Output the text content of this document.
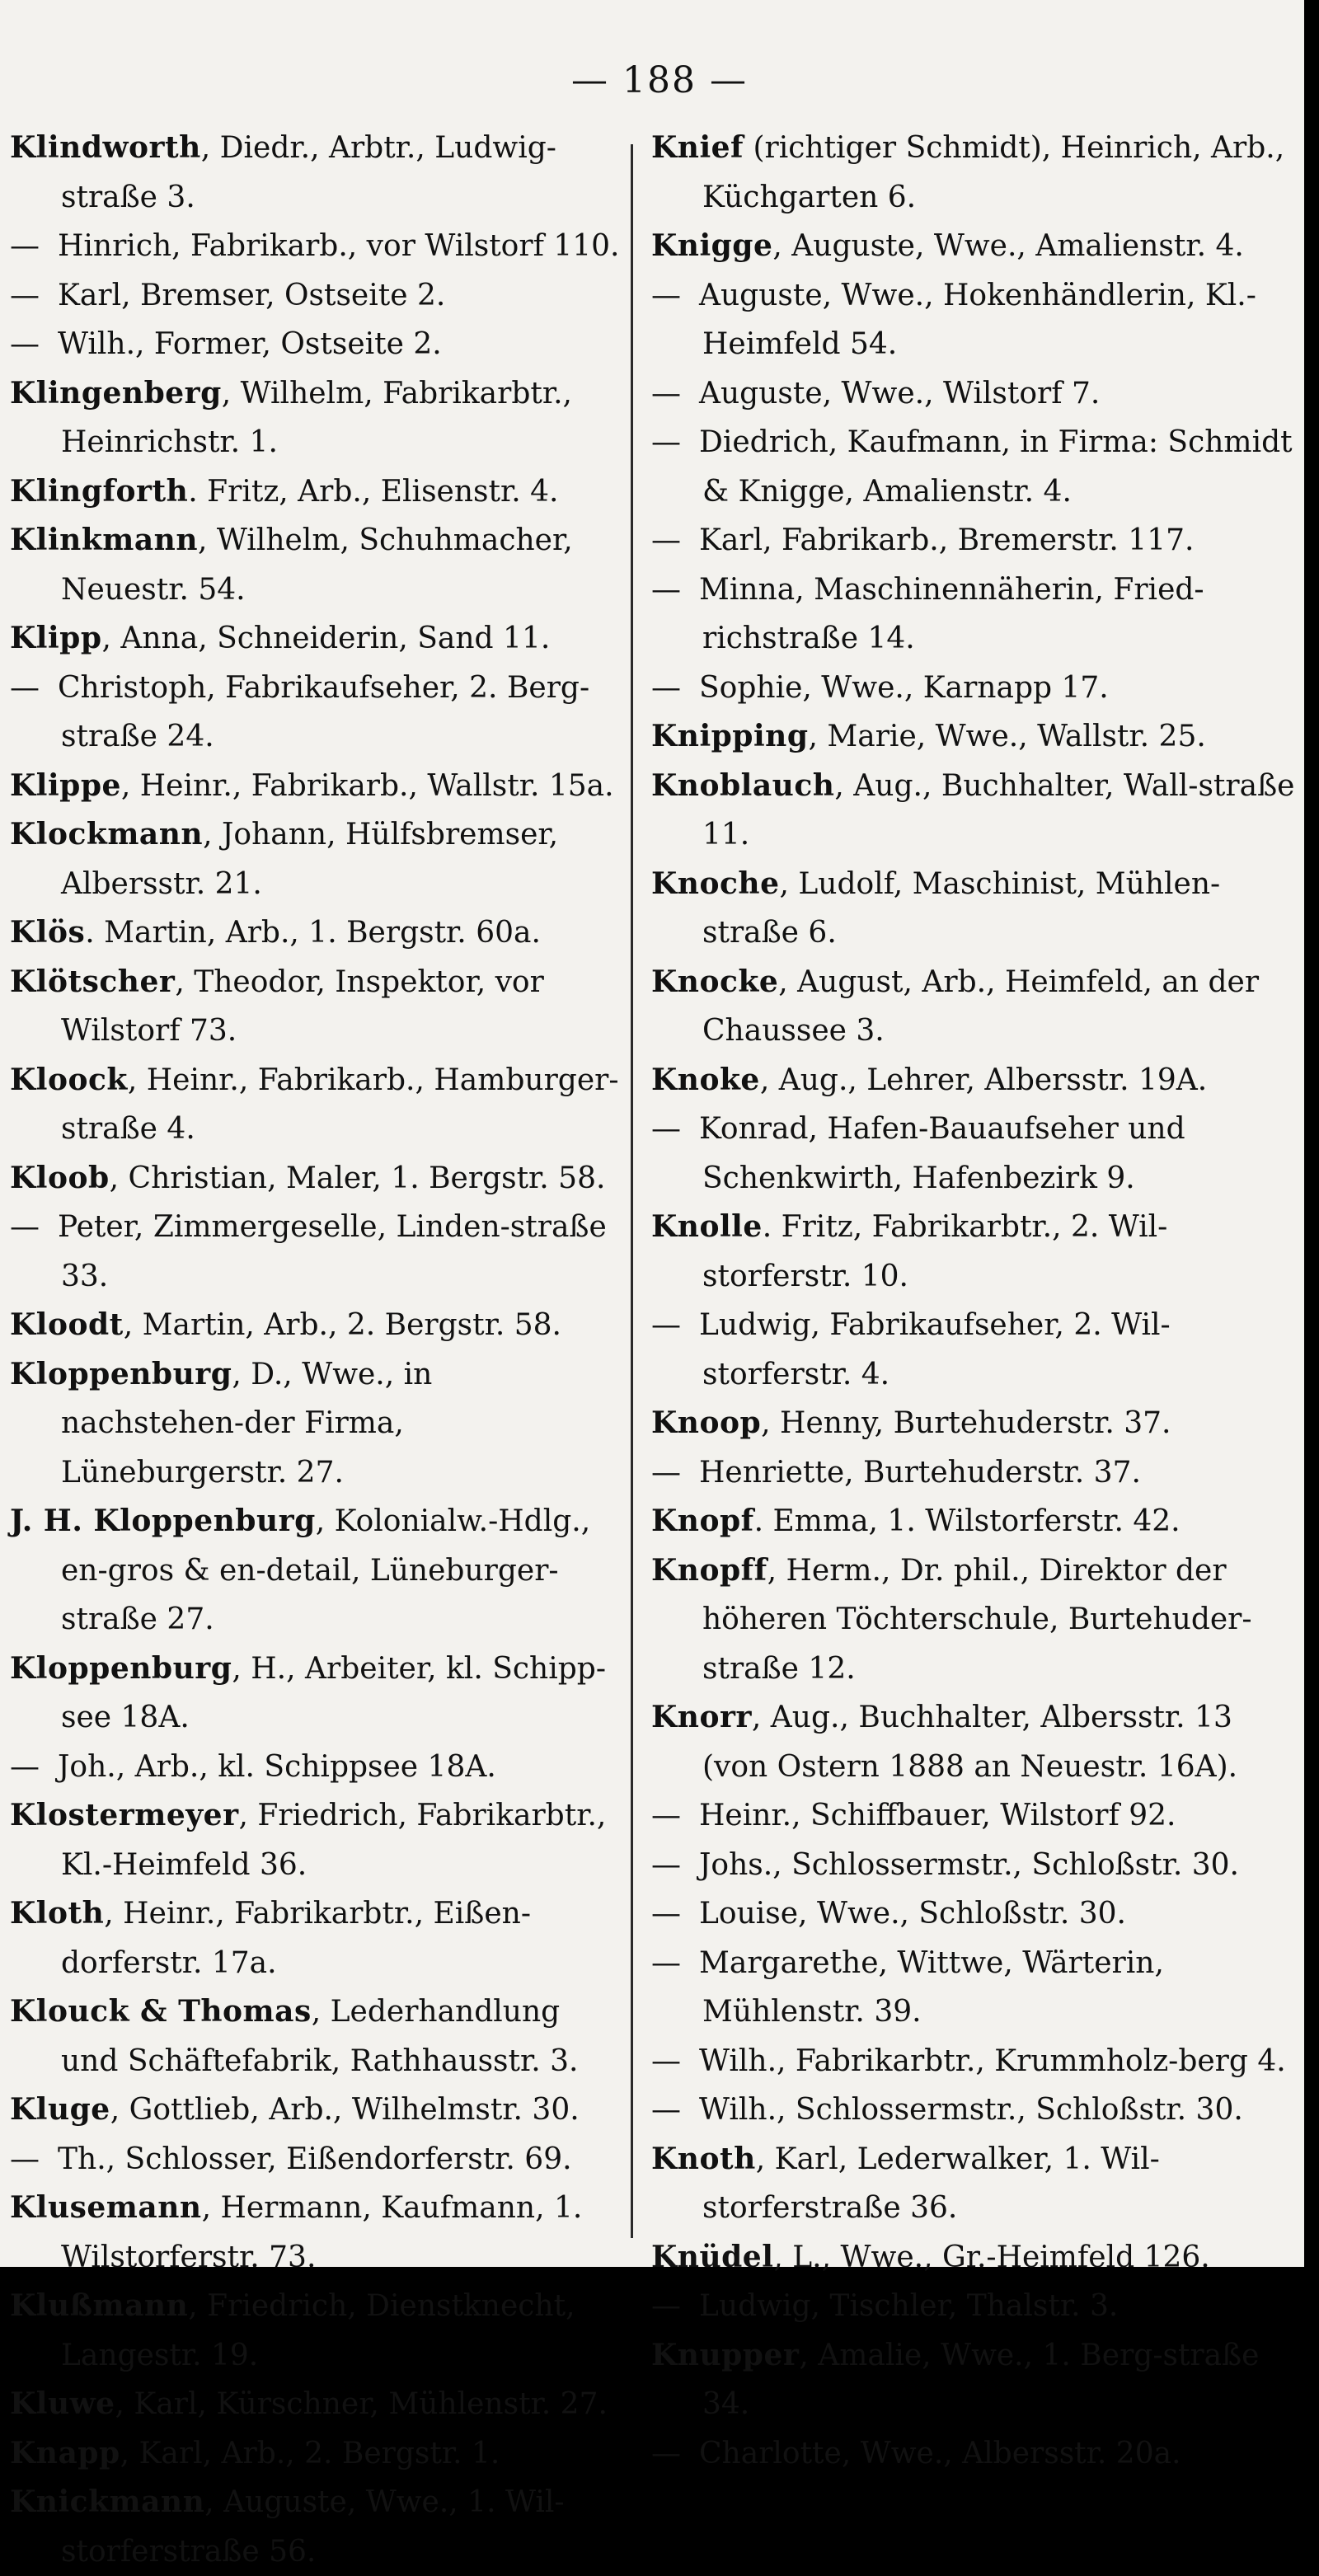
— 188 —

Klindworth, Diedr., Arbtr., Ludwig-straße 3.

— Hinrich, Fabrikarb., vor Wilstorf 110.

— Karl, Bremser, Ostseite 2.

— Wilh., Former, Ostseite 2.

Klingenberg, Wilhelm, Fabrikarbtr., Heinrichstr. 1.

Klingforth. Fritz, Arb., Elisenstr. 4.

Klinkmann, Wilhelm, Schuhmacher, Neuestr. 54.

Klipp, Anna, Schneiderin, Sand 11.

— Christoph, Fabrikaufseher, 2. Berg-straße 24.

Klippe, Heinr., Fabrikarb., Wallstr. 15a.

Klockmann, Johann, Hülfsbremser, Albersstr. 21.

Klös. Martin, Arb., 1. Bergstr. 60a.

Klötscher, Theodor, Inspektor, vor Wilstorf 73.

Kloock, Heinr., Fabrikarb., Hamburger-straße 4.

Kloob, Christian, Maler, 1. Bergstr. 58.

— Peter, Zimmergeselle, Linden-straße 33.

Kloodt, Martin, Arb., 2. Bergstr. 58.

Kloppenburg, D., Wwe., in nachstehen-der Firma, Lüneburgerstr. 27.

J. H. Kloppenburg, Kolonialw.-Hdlg., en-gros & en-detail, Lüneburger-straße 27.

Kloppenburg, H., Arbeiter, kl. Schipp-see 18A.

— Joh., Arb., kl. Schippsee 18A.

Klostermeyer, Friedrich, Fabrikarbtr., Kl.-Heimfeld 36.

Kloth, Heinr., Fabrikarbtr., Eißen-dorferstr. 17a.

Klouck & Thomas, Lederhandlung und Schäftefabrik, Rathhausstr. 3.

Kluge, Gottlieb, Arb., Wilhelmstr. 30.

— Th., Schlosser, Eißendorferstr. 69.

Klusemann, Hermann, Kaufmann, 1. Wilstorferstr. 73.

Klußmann, Friedrich, Dienstknecht, Langestr. 19.

Kluwe, Karl, Kürschner, Mühlenstr. 27.

Knapp, Karl, Arb., 2. Bergstr. 1.

Knickmann, Auguste, Wwe., 1. Wil-storferstraße 56.

Knief (richtiger Schmidt), Heinrich, Arb., Küchgarten 6.

Knigge, Auguste, Wwe., Amalienstr. 4.

— Auguste, Wwe., Hokenhändlerin, Kl.-Heimfeld 54.

— Auguste, Wwe., Wilstorf 7.

— Diedrich, Kaufmann, in Firma: Schmidt & Knigge, Amalienstr. 4.

— Karl, Fabrikarb., Bremerstr. 117.

— Minna, Maschinennäherin, Fried-richstraße 14.

— Sophie, Wwe., Karnapp 17.

Knipping, Marie, Wwe., Wallstr. 25.

Knoblauch, Aug., Buchhalter, Wall-straße 11.

Knoche, Ludolf, Maschinist, Mühlen-straße 6.

Knocke, August, Arb., Heimfeld, an der Chaussee 3.

Knoke, Aug., Lehrer, Albersstr. 19A.

— Konrad, Hafen-Bauaufseher und Schenkwirth, Hafenbezirk 9.

Knolle. Fritz, Fabrikarbtr., 2. Wil-storferstr. 10.

— Ludwig, Fabrikaufseher, 2. Wil-storferstr. 4.

Knoop, Henny, Burtehuderstr. 37.

— Henriette, Burtehuderstr. 37.

Knopf. Emma, 1. Wilstorferstr. 42.

Knopff, Herm., Dr. phil., Direktor der höheren Töchterschule, Burtehuder-straße 12.

Knorr, Aug., Buchhalter, Albersstr. 13 (von Ostern 1888 an Neuestr. 16A).

— Heinr., Schiffbauer, Wilstorf 92.

— Johs., Schlossermstr., Schloßstr. 30.

— Louise, Wwe., Schloßstr. 30.

— Margarethe, Wittwe, Wärterin, Mühlenstr. 39.

— Wilh., Fabrikarbtr., Krummholz-berg 4.

— Wilh., Schlossermstr., Schloßstr. 30.

Knoth, Karl, Lederwalker, 1. Wil-storferstraße 36.

Knüdel, L., Wwe., Gr.-Heimfeld 126.

— Ludwig, Tischler, Thalstr. 3.

Knupper, Amalie, Wwe., 1. Berg-straße 34.

— Charlotte, Wwe., Albersstr. 20a.
